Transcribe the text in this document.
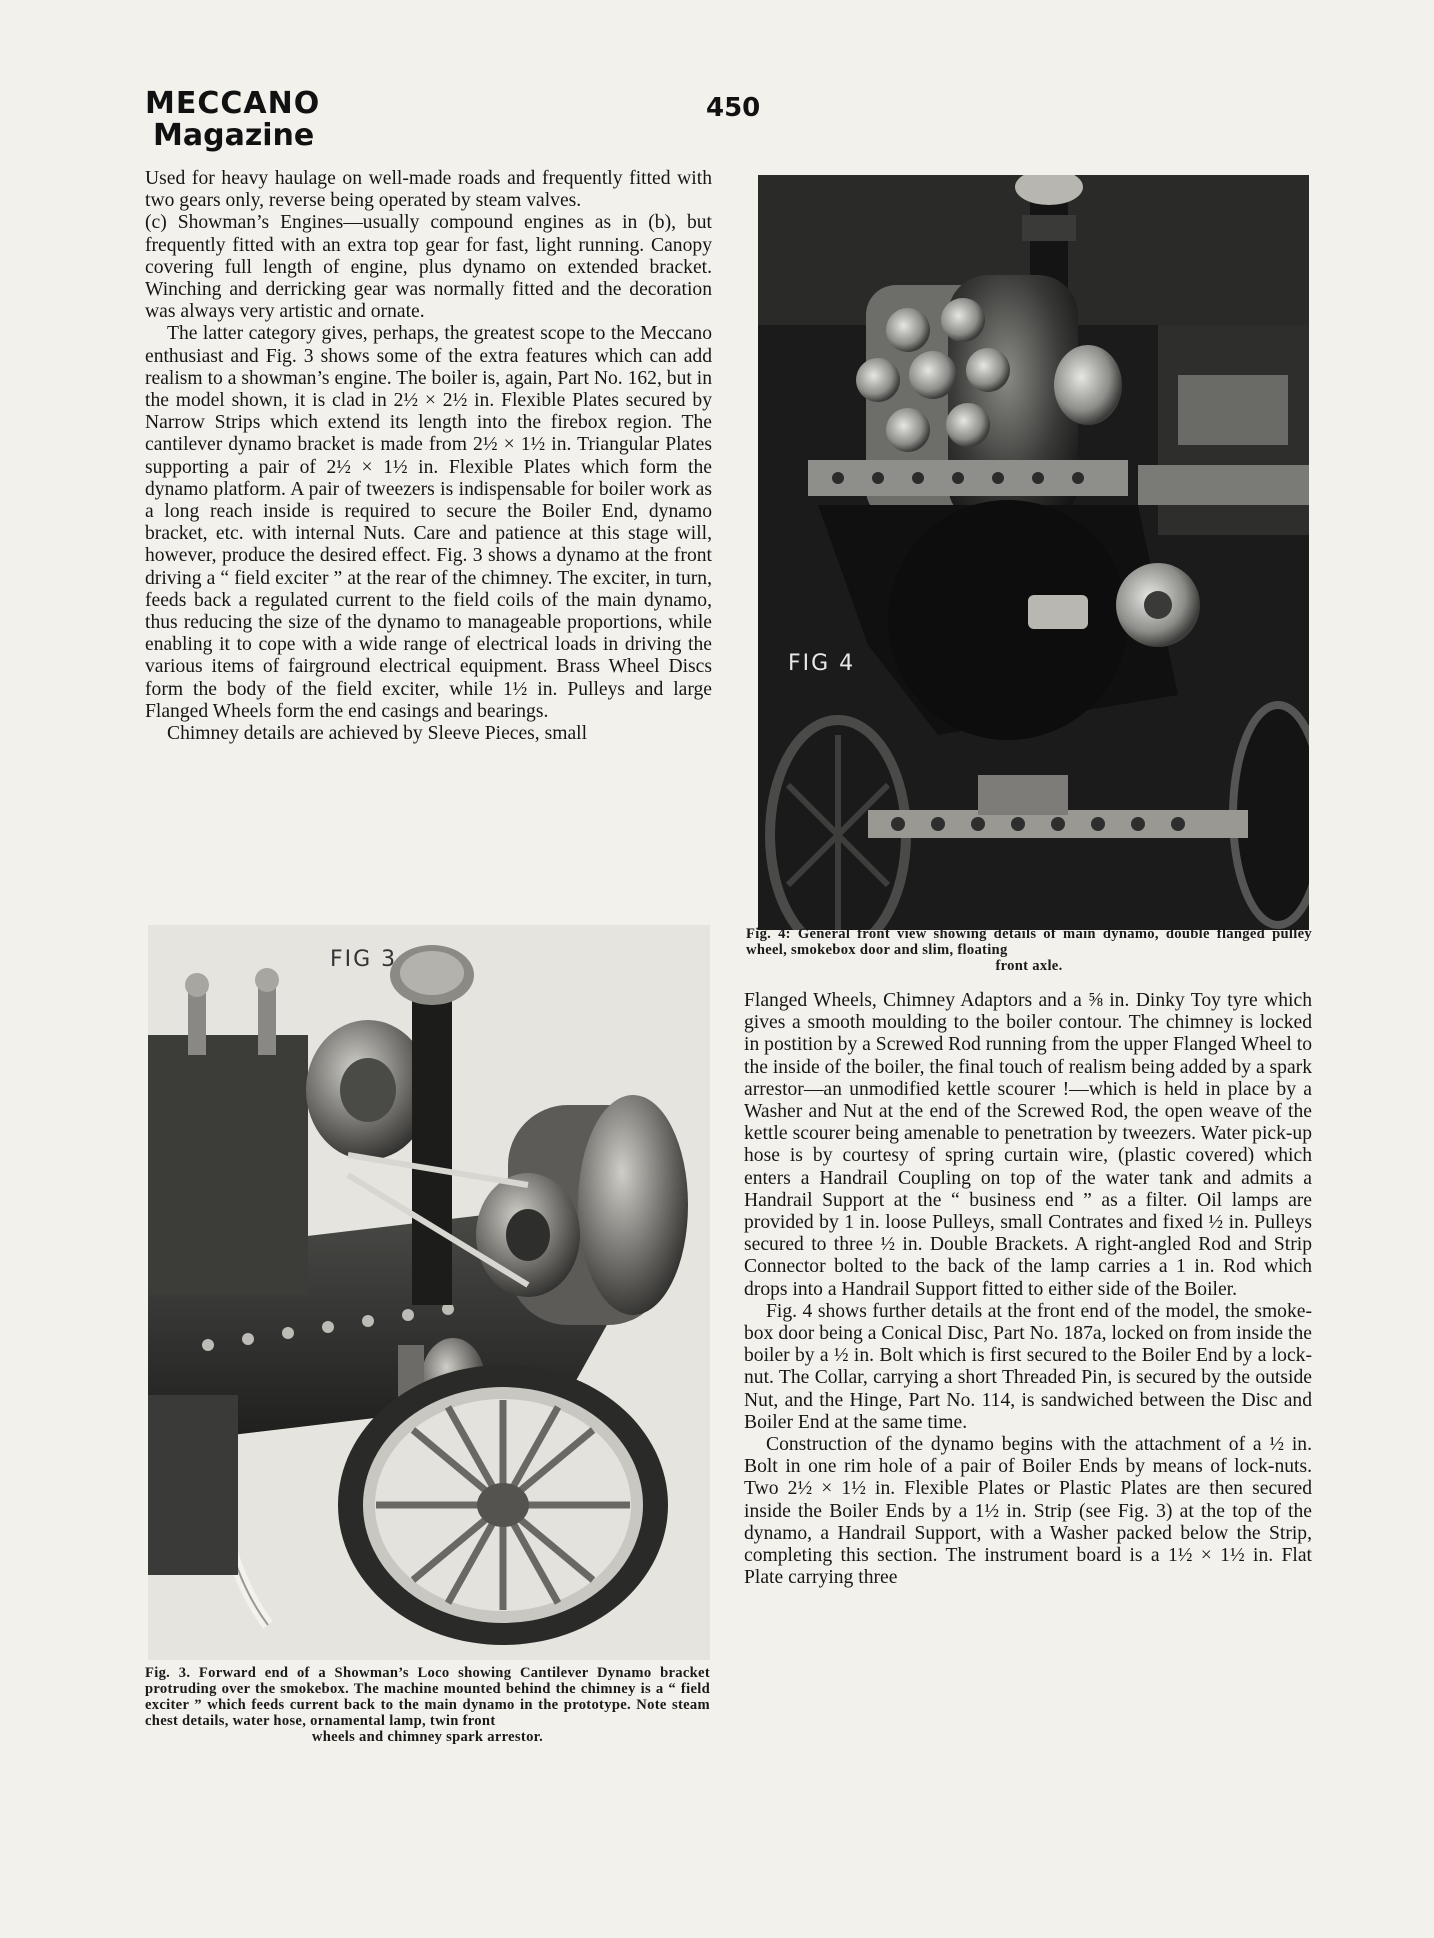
MECCANO
Magazine
450

Used for heavy haulage on well-made roads and frequently fitted with two gears only, reverse being operated by steam valves.

(c) Showman’s Engines—usually compound engines as in (b), but frequently fitted with an extra top gear for fast, light running. Canopy covering full length of engine, plus dynamo on extended bracket. Winching and derricking gear was normally fitted and the decoration was always very artistic and ornate.

The latter category gives, perhaps, the greatest scope to the Meccano enthusiast and Fig. 3 shows some of the extra features which can add realism to a showman’s engine. The boiler is, again, Part No. 162, but in the model shown, it is clad in 2½ × 2½ in. Flexible Plates secured by Narrow Strips which extend its length into the firebox region. The cantilever dynamo bracket is made from 2½ × 1½ in. Triangular Plates supporting a pair of 2½ × 1½ in. Flexible Plates which form the dynamo platform. A pair of tweezers is indispensable for boiler work as a long reach inside is required to secure the Boiler End, dynamo bracket, etc. with internal Nuts. Care and patience at this stage will, however, produce the desired effect. Fig. 3 shows a dynamo at the front driving a “ field exciter ” at the rear of the chimney. The exciter, in turn, feeds back a regulated current to the field coils of the main dynamo, thus reducing the size of the dynamo to manageable proportions, while enabling it to cope with a wide range of electrical loads in driving the various items of fairground electrical equipment. Brass Wheel Discs form the body of the field exciter, while 1½ in. Pulleys and large Flanged Wheels form the end casings and bearings.

Chimney details are achieved by Sleeve Pieces, small

FIG 4
Fig. 4: General front view showing details of main dynamo, double flanged pulley wheel, smokebox door and slim, floating
front axle.
FIG 3
Fig. 3. Forward end of a Showman’s Loco showing Cantilever Dynamo bracket protruding over the smokebox. The machine mounted behind the chimney is a “ field exciter ” which feeds current back to the main dynamo in the prototype. Note steam chest details, water hose, ornamental lamp, twin front
wheels and chimney spark arrestor.

Flanged Wheels, Chimney Adaptors and a ⅝ in. Dinky Toy tyre which gives a smooth moulding to the boiler contour. The chimney is locked in postition by a Screwed Rod running from the upper Flanged Wheel to the inside of the boiler, the final touch of realism being added by a spark arrestor—an unmodified kettle scourer !—which is held in place by a Washer and Nut at the end of the Screwed Rod, the open weave of the kettle scourer being amenable to penetration by tweezers. Water pick-up hose is by courtesy of spring curtain wire, (plastic covered) which enters a Handrail Coupling on top of the water tank and admits a Handrail Support at the “ business end ” as a filter. Oil lamps are provided by 1 in. loose Pulleys, small Contrates and fixed ½ in. Pulleys secured to three ½ in. Double Brackets. A right-angled Rod and Strip Connector bolted to the back of the lamp carries a 1 in. Rod which drops into a Handrail Support fitted to either side of the Boiler.

Fig. 4 shows further details at the front end of the model, the smoke-box door being a Conical Disc, Part No. 187a, locked on from inside the boiler by a ½ in. Bolt which is first secured to the Boiler End by a lock-nut. The Collar, carrying a short Threaded Pin, is secured by the outside Nut, and the Hinge, Part No. 114, is sandwiched between the Disc and Boiler End at the same time.

Construction of the dynamo begins with the attachment of a ½ in. Bolt in one rim hole of a pair of Boiler Ends by means of lock-nuts. Two 2½ × 1½ in. Flexible Plates or Plastic Plates are then secured inside the Boiler Ends by a 1½ in. Strip (see Fig. 3) at the top of the dynamo, a Handrail Support, with a Washer packed below the Strip, completing this section. The instrument board is a 1½ × 1½ in. Flat Plate carrying three
